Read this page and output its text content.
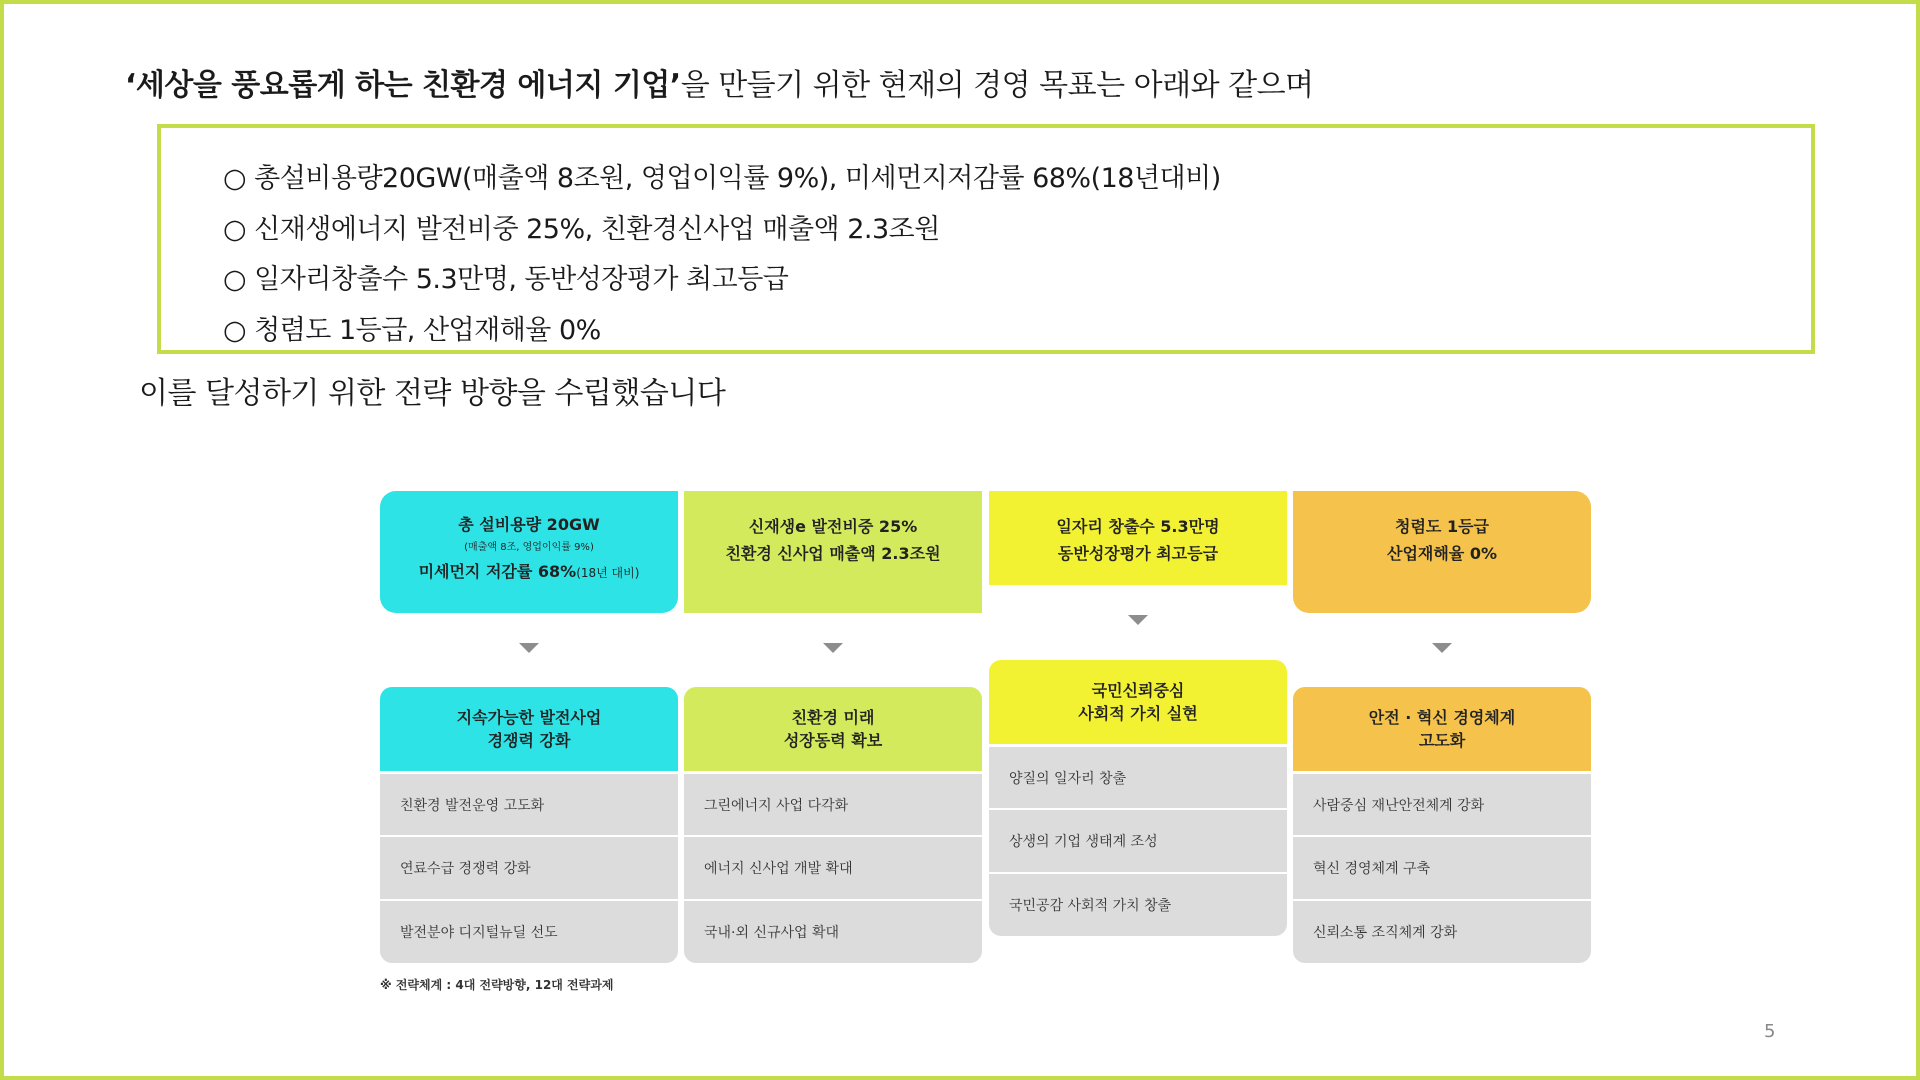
‘세상을 풍요롭게 하는 친환경 에너지 기업’을 만들기 위한 현재의 경영 목표는 아래와 같으며
○ 총설비용량20GW(매출액 8조원, 영업이익률 9%), 미세먼지저감률 68%(18년대비)
○ 신재생에너지 발전비중 25%, 친환경신사업 매출액 2.3조원
○ 일자리창출수 5.3만명, 동반성장평가 최고등급
○ 청렴도 1등급, 산업재해율 0%
이를 달성하기 위한 전략 방향을 수립했습니다
총 설비용량 20GW
(매출액 8조, 영업이익률 9%)
미세먼지 저감률 68%(18년 대비)
지속가능한 발전사업
경쟁력 강화
친환경 발전운영 고도화
연료수급 경쟁력 강화
발전분야 디지털뉴딜 선도
신재생e 발전비중 25%
친환경 신사업 매출액 2.3조원
친환경 미래
성장동력 확보
그린에너지 사업 다각화
에너지 신사업 개발 확대
국내·외 신규사업 확대
일자리 창출수 5.3만명
동반성장평가 최고등급
국민신뢰중심
사회적 가치 실현
양질의 일자리 창출
상생의 기업 생태계 조성
국민공감 사회적 가치 창출
청렴도 1등급
산업재해율 0%
안전 · 혁신 경영체계
고도화
사람중심 재난안전체계 강화
혁신 경영체계 구축
신뢰소통 조직체계 강화
※ 전략체계 : 4대 전략방향, 12대 전략과제
5
